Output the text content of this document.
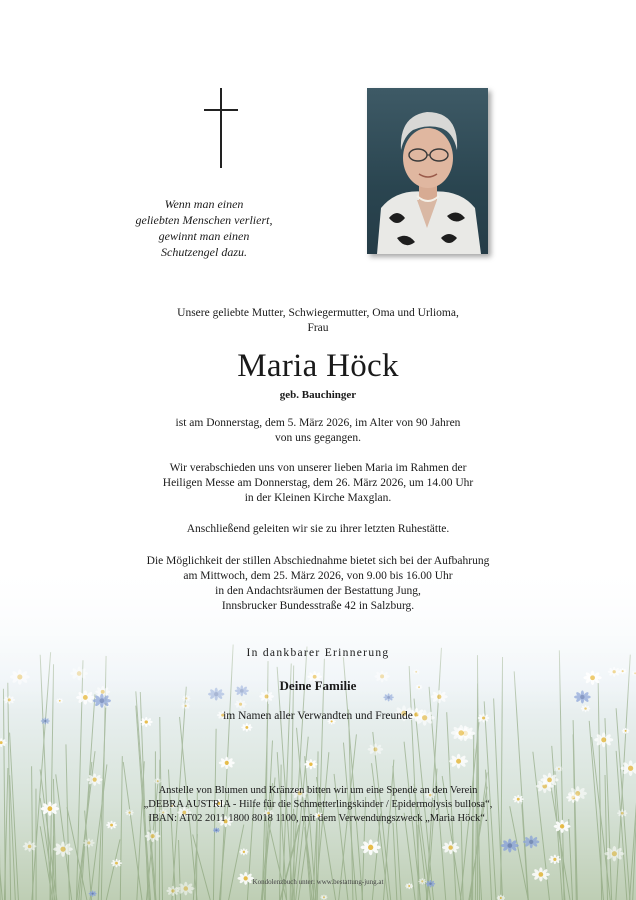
Wenn man einen
geliebten Menschen verliert,
gewinnt man einen
Schutzengel dazu.
Unsere geliebte Mutter, Schwiegermutter, Oma und Urlioma,
Frau
Maria Höck
geb. Bauchinger
ist am Donnerstag, dem 5. März 2026, im Alter von 90 Jahren
von uns gegangen.
Wir verabschieden uns von unserer lieben Maria im Rahmen der
Heiligen Messe am Donnerstag, dem 26. März 2026, um 14.00 Uhr
in der Kleinen Kirche Maxglan.
Anschließend geleiten wir sie zu ihrer letzten Ruhestätte.
Die Möglichkeit der stillen Abschiednahme bietet sich bei der Aufbahrung
am Mittwoch, dem 25. März 2026, von 9.00 bis 16.00 Uhr
in den Andachtsräumen der Bestattung Jung,
Innsbrucker Bundesstraße 42 in Salzburg.
In dankbarer Erinnerung
Deine Familie
im Namen aller Verwandten und Freunde
Anstelle von Blumen und Kränzen bitten wir um eine Spende an den Verein
„DEBRA AUSTRIA - Hilfe für die Schmetterlingskinder / Epidermolysis bullosa“,
IBAN: AT02 2011 1800 8018 1100, mit dem Verwendungszweck „Maria Höck“.
Kondolenzbuch unter: www.bestattung-jung.at
